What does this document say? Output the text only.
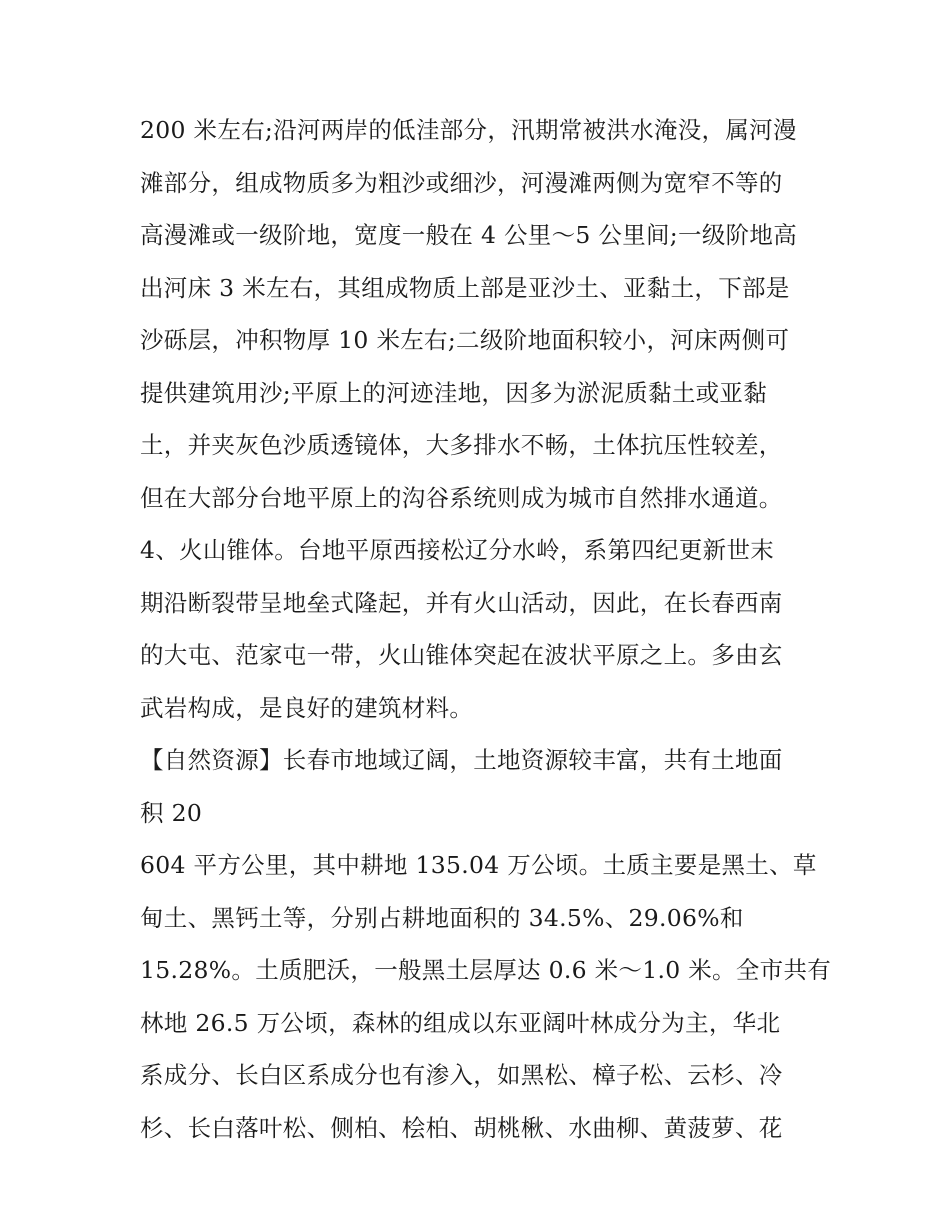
200 米左右;沿河两岸的低洼部分，汛期常被洪水淹没，属河漫
滩部分，组成物质多为粗沙或细沙，河漫滩两侧为宽窄不等的
高漫滩或一级阶地，宽度一般在 4 公里～5 公里间;一级阶地高
出河床 3 米左右，其组成物质上部是亚沙土、亚黏土，下部是
沙砾层，冲积物厚 10 米左右;二级阶地面积较小，河床两侧可
提供建筑用沙;平原上的河迹洼地，因多为淤泥质黏土或亚黏
土，并夹灰色沙质透镜体，大多排水不畅，土体抗压性较差，
但在大部分台地平原上的沟谷系统则成为城市自然排水通道。
4、火山锥体。台地平原西接松辽分水岭，系第四纪更新世末
期沿断裂带呈地垒式隆起，并有火山活动，因此，在长春西南
的大屯、范家屯一带，火山锥体突起在波状平原之上。多由玄
武岩构成，是良好的建筑材料。
【自然资源】长春市地域辽阔，土地资源较丰富，共有土地面
积 20
604 平方公里，其中耕地 135.04 万公顷。土质主要是黑土、草
甸土、黑钙土等，分别占耕地面积的 34.5%、29.06%和
15.28%。土质肥沃，一般黑土层厚达 0.6 米～1.0 米。全市共有
林地 26.5 万公顷，森林的组成以东亚阔叶林成分为主，华北
系成分、长白区系成分也有渗入，如黑松、樟子松、云杉、冷
杉、长白落叶松、侧柏、桧柏、胡桃楸、水曲柳、黄菠萝、花
